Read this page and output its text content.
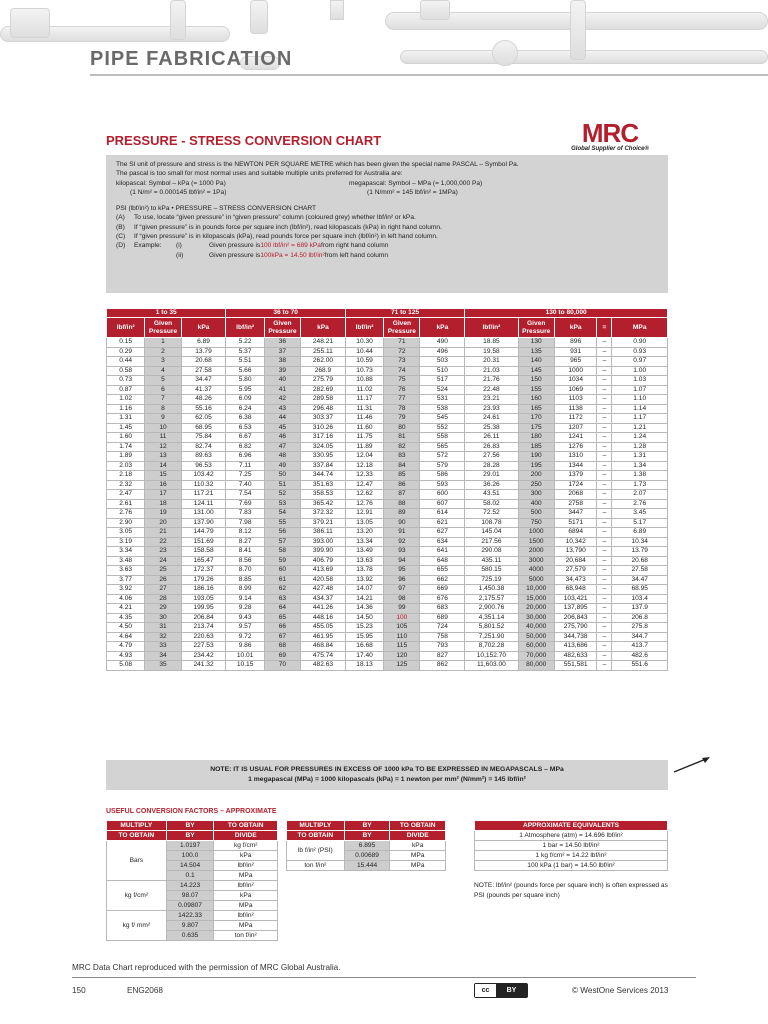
PIPE FABRICATION
PRESSURE - STRESS CONVERSION CHART	MRC
Global Supplier of Choice®
The SI unit of pressure and stress is the NEWTON PER SQUARE METRE which has been given the special name PASCAL – Symbol Pa.
The pascal is too small for most normal uses and suitable multiple units preferred for Australia are:
kilopascal: Symbol – kPa (= 1000 Pa)	megapascal: Symbol – MPa (= 1,000,000 Pa)
(1 N/m² = 0.000145 lbf/in² = 1Pa)	(1 N/mm² = 145 lbf/in² = 1MPa)
PSI (lbf/in²) to kPa • PRESSURE – STRESS CONVERSION CHART
(A)	To use, locate “given pressure” in “given pressure” column (coloured grey) whether lbf/in² or kPa.
(B)	If “given pressure” is in pounds force per square inch (lbf/in²), read kilopascals (kPa) in right hand column.
(C)	If “given pressure” is in kilopascals (kPa), read pounds force per square inch (lbf/in²) in left hand column.
(D)	Example:	(i)	Given pressure is 100 lbf/in² = 689 kPa from right hand column
(ii)	Given pressure is 100kPa = 14.50 lbf/in² from left hand column
1 to 35			36 to 70			71 to 125			130 to 80,000				
lbf/in²	Given Pressure	kPa	lbf/in²	Given Pressure	kPa	lbf/in²	Given Pressure	kPa	lbf/in²	Given Pressure	kPa	=	MPa
0.15	1	6.89	5.22	36	248.21	10.30	71	490	18.85	130	896	–	0.90
0.29	2	13.79	5.37	37	255.11	10.44	72	496	19.58	135	931	–	0.93
0.44	3	20.68	5.51	38	262.00	10.59	73	503	20.31	140	965	–	0.97
0.58	4	27.58	5.66	39	268.9	10.73	74	510	21.03	145	1000	–	1.00
0.73	5	34.47	5.80	40	275.79	10.88	75	517	21.76	150	1034	–	1.03
0.87	6	41.37	5.95	41	282.69	11.02	76	524	22.48	155	1069	–	1.07
1.02	7	48.26	6.09	42	289.58	11.17	77	531	23.21	160	1103	–	1.10
1.16	8	55.16	6.24	43	296.48	11.31	78	538	23.93	165	1138	–	1.14
1.31	9	62.05	6.38	44	303.37	11.46	79	545	24.61	170	1172	–	1.17
1.45	10	68.95	6.53	45	310.26	11.60	80	552	25.38	175	1207	–	1.21
1.60	11	75.84	6.67	46	317.16	11.75	81	558	26.11	180	1241	–	1.24
1.74	12	82.74	6.82	47	324.05	11.89	82	565	26.83	185	1276	–	1.28
1.89	13	89.63	6.96	48	330.95	12.04	83	572	27.56	190	1310	–	1.31
2.03	14	96.53	7.11	49	337.84	12.18	84	579	28.28	195	1344	–	1.34
2.18	15	103.42	7.25	50	344.74	12.33	85	586	29.01	200	1379	–	1.38
2.32	16	110.32	7.40	51	351.63	12.47	86	593	36.26	250	1724	–	1.73
2.47	17	117.21	7.54	52	358.53	12.62	87	600	43.51	300	2068	–	2.07
2.61	18	124.11	7.69	53	365.42	12.76	88	607	58.02	400	2758	–	2.76
2.76	19	131.00	7.83	54	372.32	12.91	89	614	72.52	500	3447	–	3.45
2.90	20	137.90	7.98	55	379.21	13.05	90	621	108.78	750	5171	–	5.17
3.05	21	144.79	8.12	56	386.11	13.20	91	627	145.04	1000	6894	–	6.89
3.19	22	151.69	8.27	57	393.00	13.34	92	634	217.56	1500	10,342	–	10.34
3.34	23	158.58	8.41	58	399.90	13.49	93	641	290.08	2000	13,790	–	13.79
3.48	24	165.47	8.56	59	406.79	13.63	94	648	435.11	3000	20,684	–	20.68
3.63	25	172.37	8.70	60	413.69	13.78	95	655	580.15	4000	27,579	–	27.58
3.77	26	179.26	8.85	61	420.58	13.92	96	662	725.19	5000	34,473	–	34.47
3.92	27	186.16	8.99	62	427.48	14.07	97	669	1,450.38	10,000	68,948	–	68.95
4.06	28	193.05	9.14	63	434.37	14.21	98	676	2,175.57	15,000	103,421	–	103.4
4.21	29	199.95	9.28	64	441.26	14.36	99	683	2,900.76	20,000	137,895	–	137.9
4.35	30	206.84	9.43	65	448.16	14.50	100	689	4,351.14	30,000	206,843	–	206.8
4.50	31	213.74	9.57	66	455.05	15.23	105	724	5,801.52	40,000	275,790	–	275.8
4.64	32	220.63	9.72	67	461.95	15.95	110	758	7,251.90	50,000	344,738	–	344.7
4.79	33	227.53	9.86	68	468.84	16.68	115	793	8,702.28	60,000	413,686	–	413.7
4.93	34	234.42	10.01	69	475.74	17.40	120	827	10,152.70	70,000	482,633	–	482.6
5.08	35	241.32	10.15	70	482.63	18.13	125	862	11,603.00	80,000	551,581	–	551.6
NOTE: IT IS USUAL FOR PRESSURES IN EXCESS OF 1000 kPa TO BE EXPRESSED IN MEGAPASCALS – MPa
1 megapascal (MPa) = 1000 kilopascals (kPa) = 1 newton per mm² (N/mm²) = 145 lbf/in²
USEFUL CONVERSION FACTORS – APPROXIMATE
MULTIPLY	BY	TO OBTAIN
TO OBTAIN	BY	DIVIDE
Bars	1.0197	kg f/cm²
	100.0	kPa
	14.504	lbf/in²
	0.1	MPa
kg f/cm²	14.223	lbf/in²
	98.07	kPa
	0.09807	MPa
kg f/ mm²	1422.33	lbf/in²
	9.807	MPa
	0.635	ton f/in²
MULTIPLY	BY	TO OBTAIN
TO OBTAIN	BY	DIVIDE
lb f/in² (PSI)	6.895	kPa
	0.00689	MPa
ton f/in²	15.444	MPa
APPROXIMATE EQUIVALENTS
1 Atmosphere (atm) = 14.696 lbf/in²
1 bar = 14.50 lbf/in²
1 kg f/cm² = 14.22 lbf/in²
100 kPa (1 bar) = 14.50 lbf/in²
NOTE: lbf/in² (pounds force per square inch) is often expressed as PSI (pounds per square inch)
MRC Data Chart reproduced with the permission of MRC Global Australia.
150	ENG2068	cc	BY	© WestOne Services 2013
